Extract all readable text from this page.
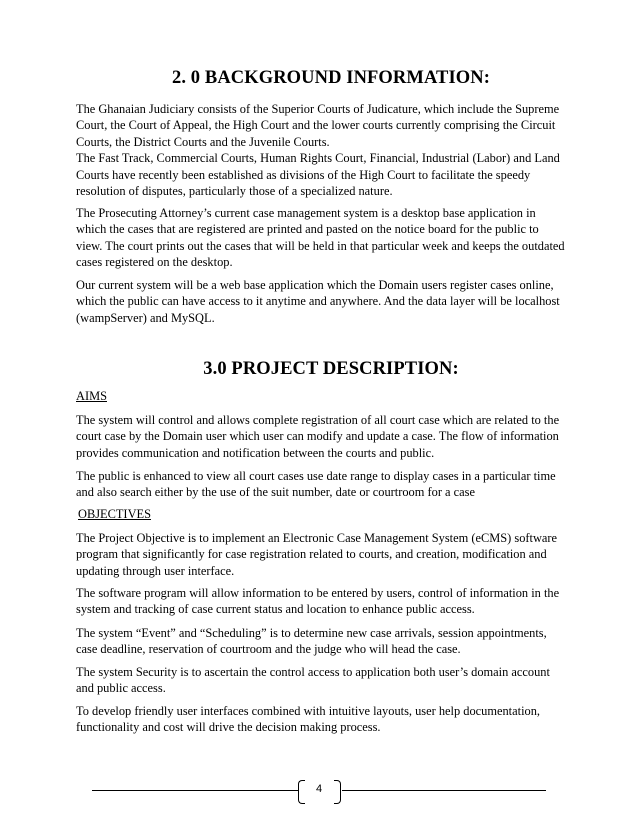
2. 0 BACKGROUND INFORMATION:

The Ghanaian Judiciary consists of the Superior Courts of Judicature, which include the Supreme Court, the Court of Appeal, the High Court and the lower courts currently comprising the Circuit Courts, the District Courts and the Juvenile Courts.

The Fast Track, Commercial Courts, Human Rights Court, Financial, Industrial (Labor) and Land Courts have recently been established as divisions of the High Court to facilitate the speedy resolution of disputes, particularly those of a specialized nature.

The Prosecuting Attorney’s current case management system is a desktop base application in which the cases that are registered are printed and pasted on the notice board for the public to view. The court prints out the cases that will be held in that particular week and keeps the outdated cases registered on the desktop.

Our current system will be a web base application which the Domain users register cases online, which the public can have access to it anytime and anywhere. And the data layer will be localhost (wampServer) and MySQL.

3.0 PROJECT DESCRIPTION:
AIMS

The system will control and allows complete registration of all court case which are related to the court case by the Domain user which user can modify and update a case. The flow of information provides communication and notification between the courts and public.

The public is enhanced to view all court cases use date range to display cases in a particular time and also search either by the use of the suit number, date or courtroom for a case

OBJECTIVES

The Project Objective is to implement an Electronic Case Management System (eCMS) software program that significantly for case registration related to courts, and creation, modification and updating through user interface.

The software program will allow information to be entered by users, control of information in the system and tracking of case current status and location to enhance public access.

The system “Event” and “Scheduling” is to determine new case arrivals, session appointments, case deadline, reservation of courtroom and the judge who will head the case.

The system Security is to ascertain the control access to application both user’s domain account and public access.

To develop friendly user interfaces combined with intuitive layouts, user help documentation, functionality and cost will drive the decision making process.

4
